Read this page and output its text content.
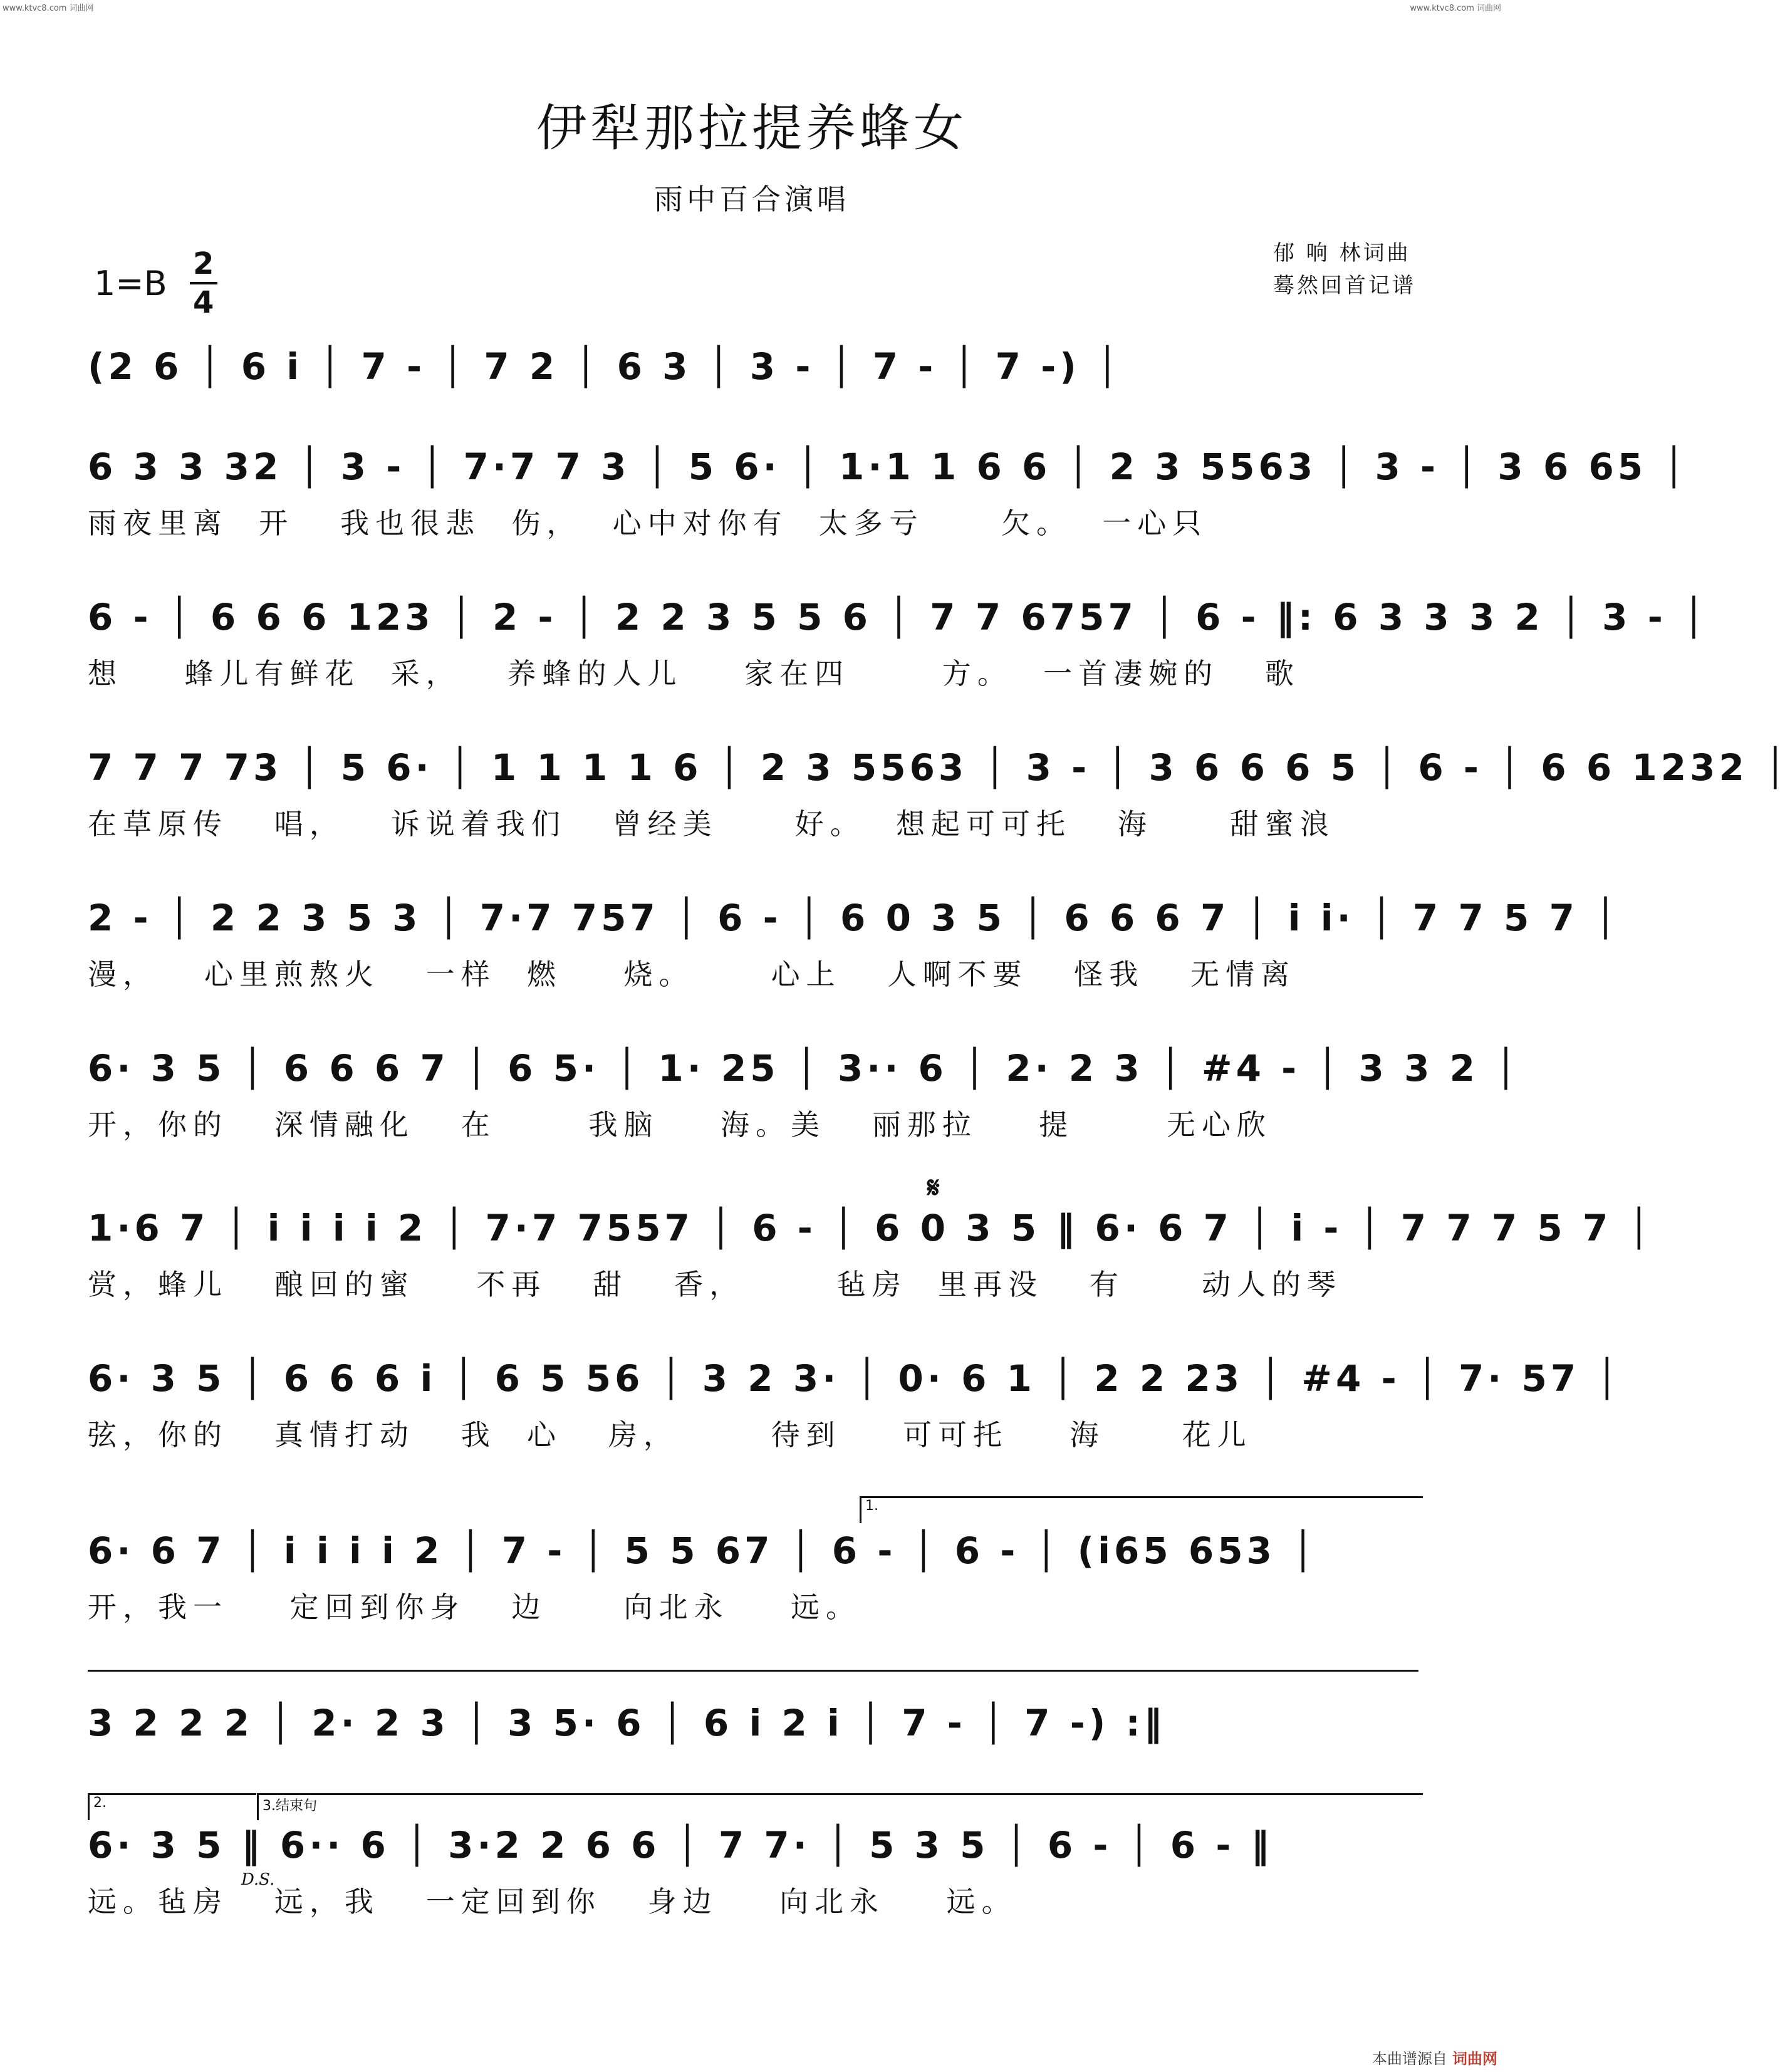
www.ktvc8.com 词曲网	www.ktvc8.com 词曲网
伊犁那拉提养蜂女
雨中百合演唱
$1=B \frac{2}{4}$	郁 响 林词曲
蓦然回首记谱
(2 6 │ 6 i │ 7 - │ 7 2 │ 6 3 │ 3 - │ 7 - │ 7 -) │
6 3 3 32 │ 3 - │ 7·7 7 3 │ 5 6· │ 1·1 1 6 6 │ 2 3 5563 │ 3 - │ 3 6 65 │
雨夜里离  开   我也很悲  伤，  心中对你有  太多亏     欠。  一心只
6 - │ 6 6 6 123 │ 2 - │ 2 2 3 5 5 6 │ 7 7 6757 │ 6 - ‖: 6 3 3 3 2 │ 3 - │
想    蜂儿有鲜花  采，   养蜂的人儿    家在四      方。  一首凄婉的   歌
7 7 7 73 │ 5 6· │ 1 1 1 1 6 │ 2 3 5563 │ 3 - │ 3 6 6 6 5 │ 6 - │ 6 6 1232 │
在草原传   唱，   诉说着我们   曾经美     好。  想起可可托   海     甜蜜浪
2 - │ 2 2 3 5 3 │ 7·7 757 │ 6 - │ 6 0 3 5 │ 6 6 6 7 │ i i· │ 7 7 5 7 │
漫，   心里煎熬火   一样  燃    烧。     心上   人啊不要   怪我   无情离
6· 3 5 │ 6 6 6 7 │ 6 5· │ 1· 25 │ 3·· 6 │ 2· 2 3 │ #4 - │ 3 3 2 │
开，你的   深情融化   在      我脑    海。美   丽那拉    提      无心欣
𝄋
1·6 7 │ i i i i 2 │ 7·7 7557 │ 6 - │ 6 0 3 5 ‖ 6· 6 7 │ i - │ 7 7 7 5 7 │
赏，蜂儿   酿回的蜜    不再   甜   香，      毡房  里再没   有     动人的琴
6· 3 5 │ 6 6 6 i │ 6 5 56 │ 3 2 3· │ 0· 6 1 │ 2 2 23 │ #4 - │ 7· 57 │
弦，你的   真情打动   我  心   房，      待到    可可托    海     花儿
1.
6· 6 7 │ i i i i 2 │ 7 - │ 5 5 67 │ 6 - │ 6 - │ (i65 653 │
开，我一    定回到你身   边     向北永    远。
3 2 2 2 │ 2· 2 3 │ 3 5· 6 │ 6 i 2 i │ 7 - │ 7 -) :‖
2.	3.结束句
6· 3 5 ‖ 6·· 6 │ 3·2 2 6 6 │ 7 7· │ 5 3 5 │ 6 - │ 6 - ‖
远。毡房   远，我   一定回到你   身边    向北永    远。
D.S.
本曲谱源自 词曲网
